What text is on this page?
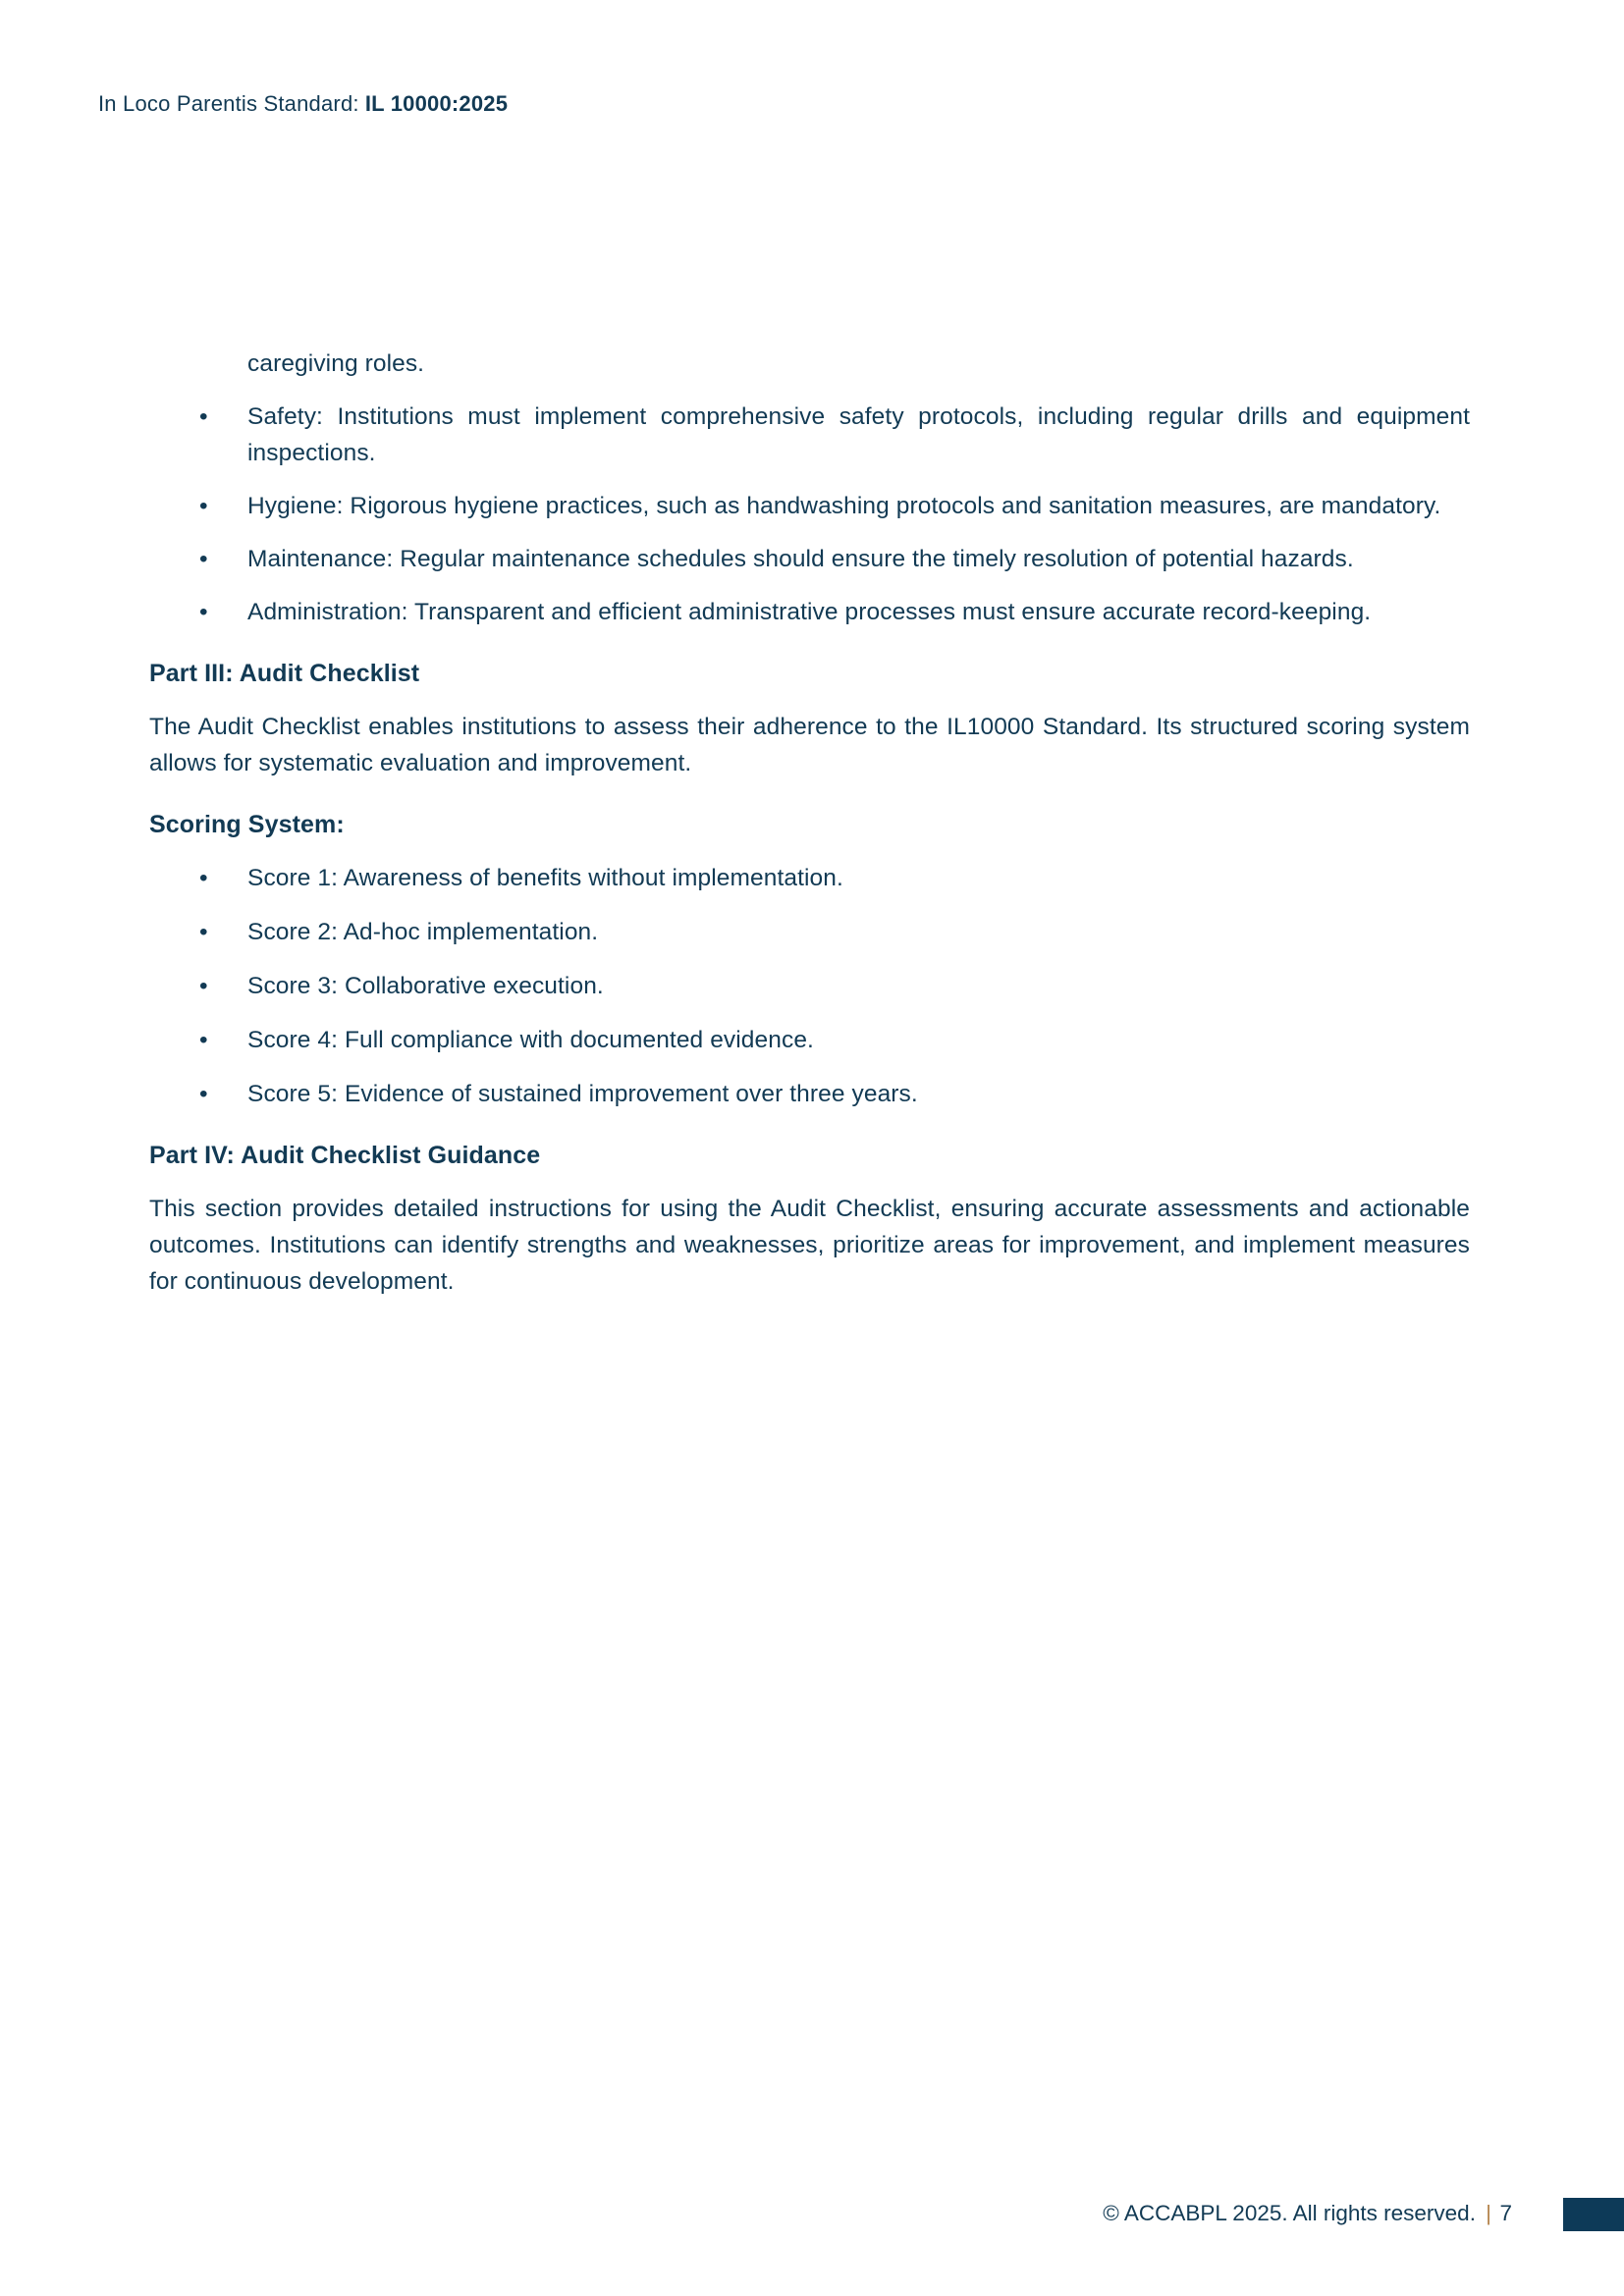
In Loco Parentis Standard: IL 10000:2025

caregiving roles.

•	Safety: Institutions must implement comprehensive safety protocols, including regular drills and equipment inspections.
•	Hygiene: Rigorous hygiene practices, such as handwashing protocols and sanitation measures, are mandatory.
•	Maintenance: Regular maintenance schedules should ensure the timely resolution of potential hazards.
•	Administration: Transparent and efficient administrative processes must ensure accurate record-keeping.
Part III: Audit Checklist

The Audit Checklist enables institutions to assess their adherence to the IL10000 Standard. Its structured scoring system allows for systematic evaluation and improvement.

Scoring System:
•	Score 1: Awareness of benefits without implementation.
•	Score 2: Ad-hoc implementation.
•	Score 3: Collaborative execution.
•	Score 4: Full compliance with documented evidence.
•	Score 5: Evidence of sustained improvement over three years.
Part IV: Audit Checklist Guidance

This section provides detailed instructions for using the Audit Checklist, ensuring accurate assessments and actionable outcomes. Institutions can identify strengths and weaknesses, prioritize areas for improvement, and implement measures for continuous development.

© ACCABPL 2025. All rights reserved. | 7
